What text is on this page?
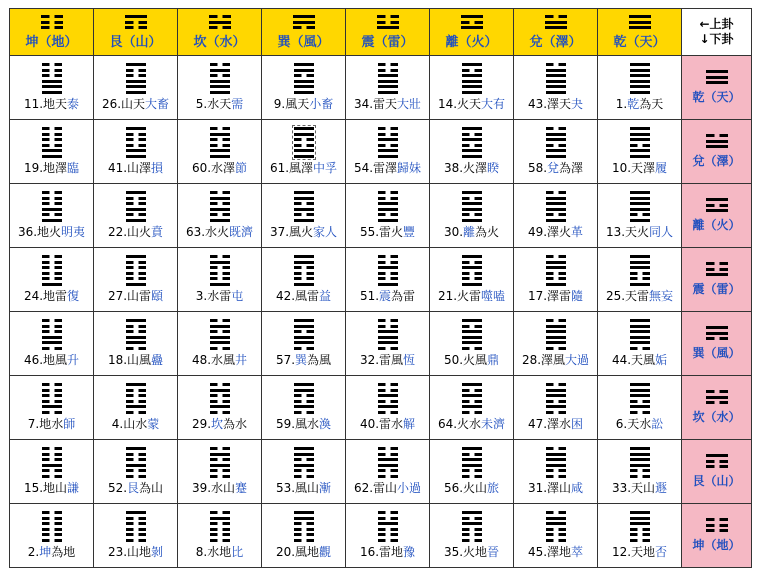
坤（地）	艮（山）	坎（水）	巽（風）	震（雷）	離（火）	兌（澤）	乾（天）	←上卦
↓下卦

11.地天泰	26.山天大畜	5.水天需	9.風天小畜	34.雷天大壯	14.火天大有	43.澤天夬	1.乾為天	乾（天）

19.地澤臨	41.山澤損	60.水澤節	61.風澤中孚	54.雷澤歸妹	38.火澤睽	58.兌為澤	10.天澤履	兌（澤）

36.地火明夷	22.山火賁	63.水火既濟	37.風火家人	55.雷火豐	30.離為火	49.澤火革	13.天火同人	離（火）

24.地雷復	27.山雷頤	3.水雷屯	42.風雷益	51.震為雷	21.火雷噬嗑	17.澤雷隨	25.天雷無妄	震（雷）

46.地風升	18.山風蠱	48.水風井	57.巽為風	32.雷風恆	50.火風鼎	28.澤風大過	44.天風姤	巽（風）

7.地水師	4.山水蒙	29.坎為水	59.風水渙	40.雷水解	64.火水未濟	47.澤水困	6.天水訟	坎（水）

15.地山謙	52.艮為山	39.水山蹇	53.風山漸	62.雷山小過	56.火山旅	31.澤山咸	33.天山遯	艮（山）

2.坤為地	23.山地剝	8.水地比	20.風地觀	16.雷地豫	35.火地晉	45.澤地萃	12.天地否	坤（地）
